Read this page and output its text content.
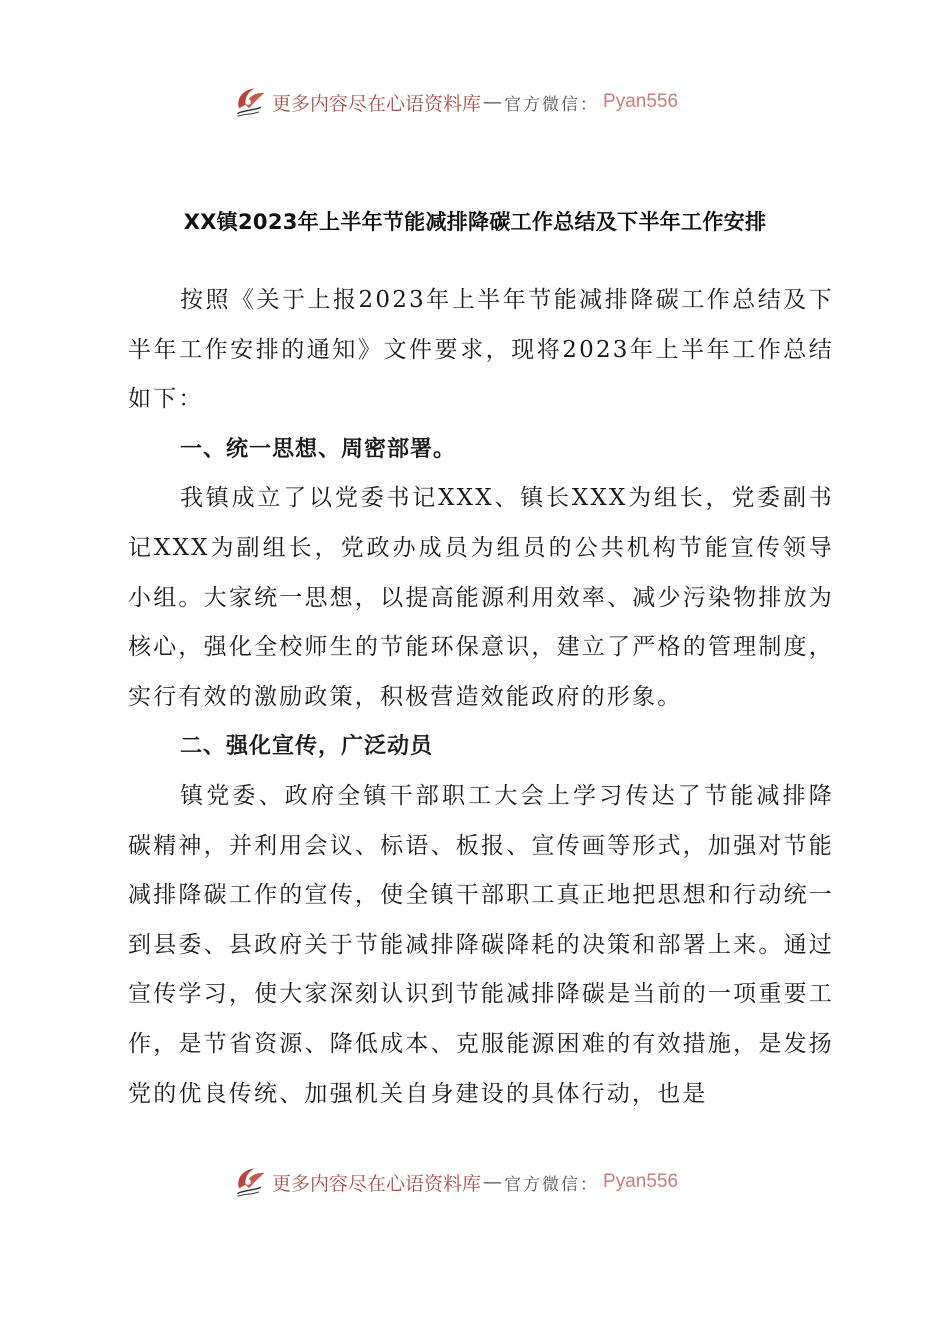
更多内容尽在心语资料库 — 官方微信： Pyan556
XX镇2023年上半年节能减排降碳工作总结及下半年工作安排

按照《关于上报2023年上半年节能减排降碳工作总结及下半年工作安排的通知》文件要求，现将2023年上半年工作总结如下：

一、统一思想、周密部署。

我镇成立了以党委书记XXX、镇长XXX为组长，党委副书记XXX为副组长，党政办成员为组员的公共机构节能宣传领导小组。大家统一思想，以提高能源利用效率、减少污染物排放为核心，强化全校师生的节能环保意识，建立了严格的管理制度，实行有效的激励政策，积极营造效能政府的形象。

二、强化宣传，广泛动员

镇党委、政府全镇干部职工大会上学习传达了节能减排降碳精神，并利用会议、标语、板报、宣传画等形式，加强对节能减排降碳工作的宣传，使全镇干部职工真正地把思想和行动统一到县委、县政府关于节能减排降碳降耗的决策和部署上来。通过宣传学习，使大家深刻认识到节能减排降碳是当前的一项重要工作，是节省资源、降低成本、克服能源困难的有效措施，是发扬党的优良传统、加强机关自身建设的具体行动，也是

更多内容尽在心语资料库 — 官方微信： Pyan556
